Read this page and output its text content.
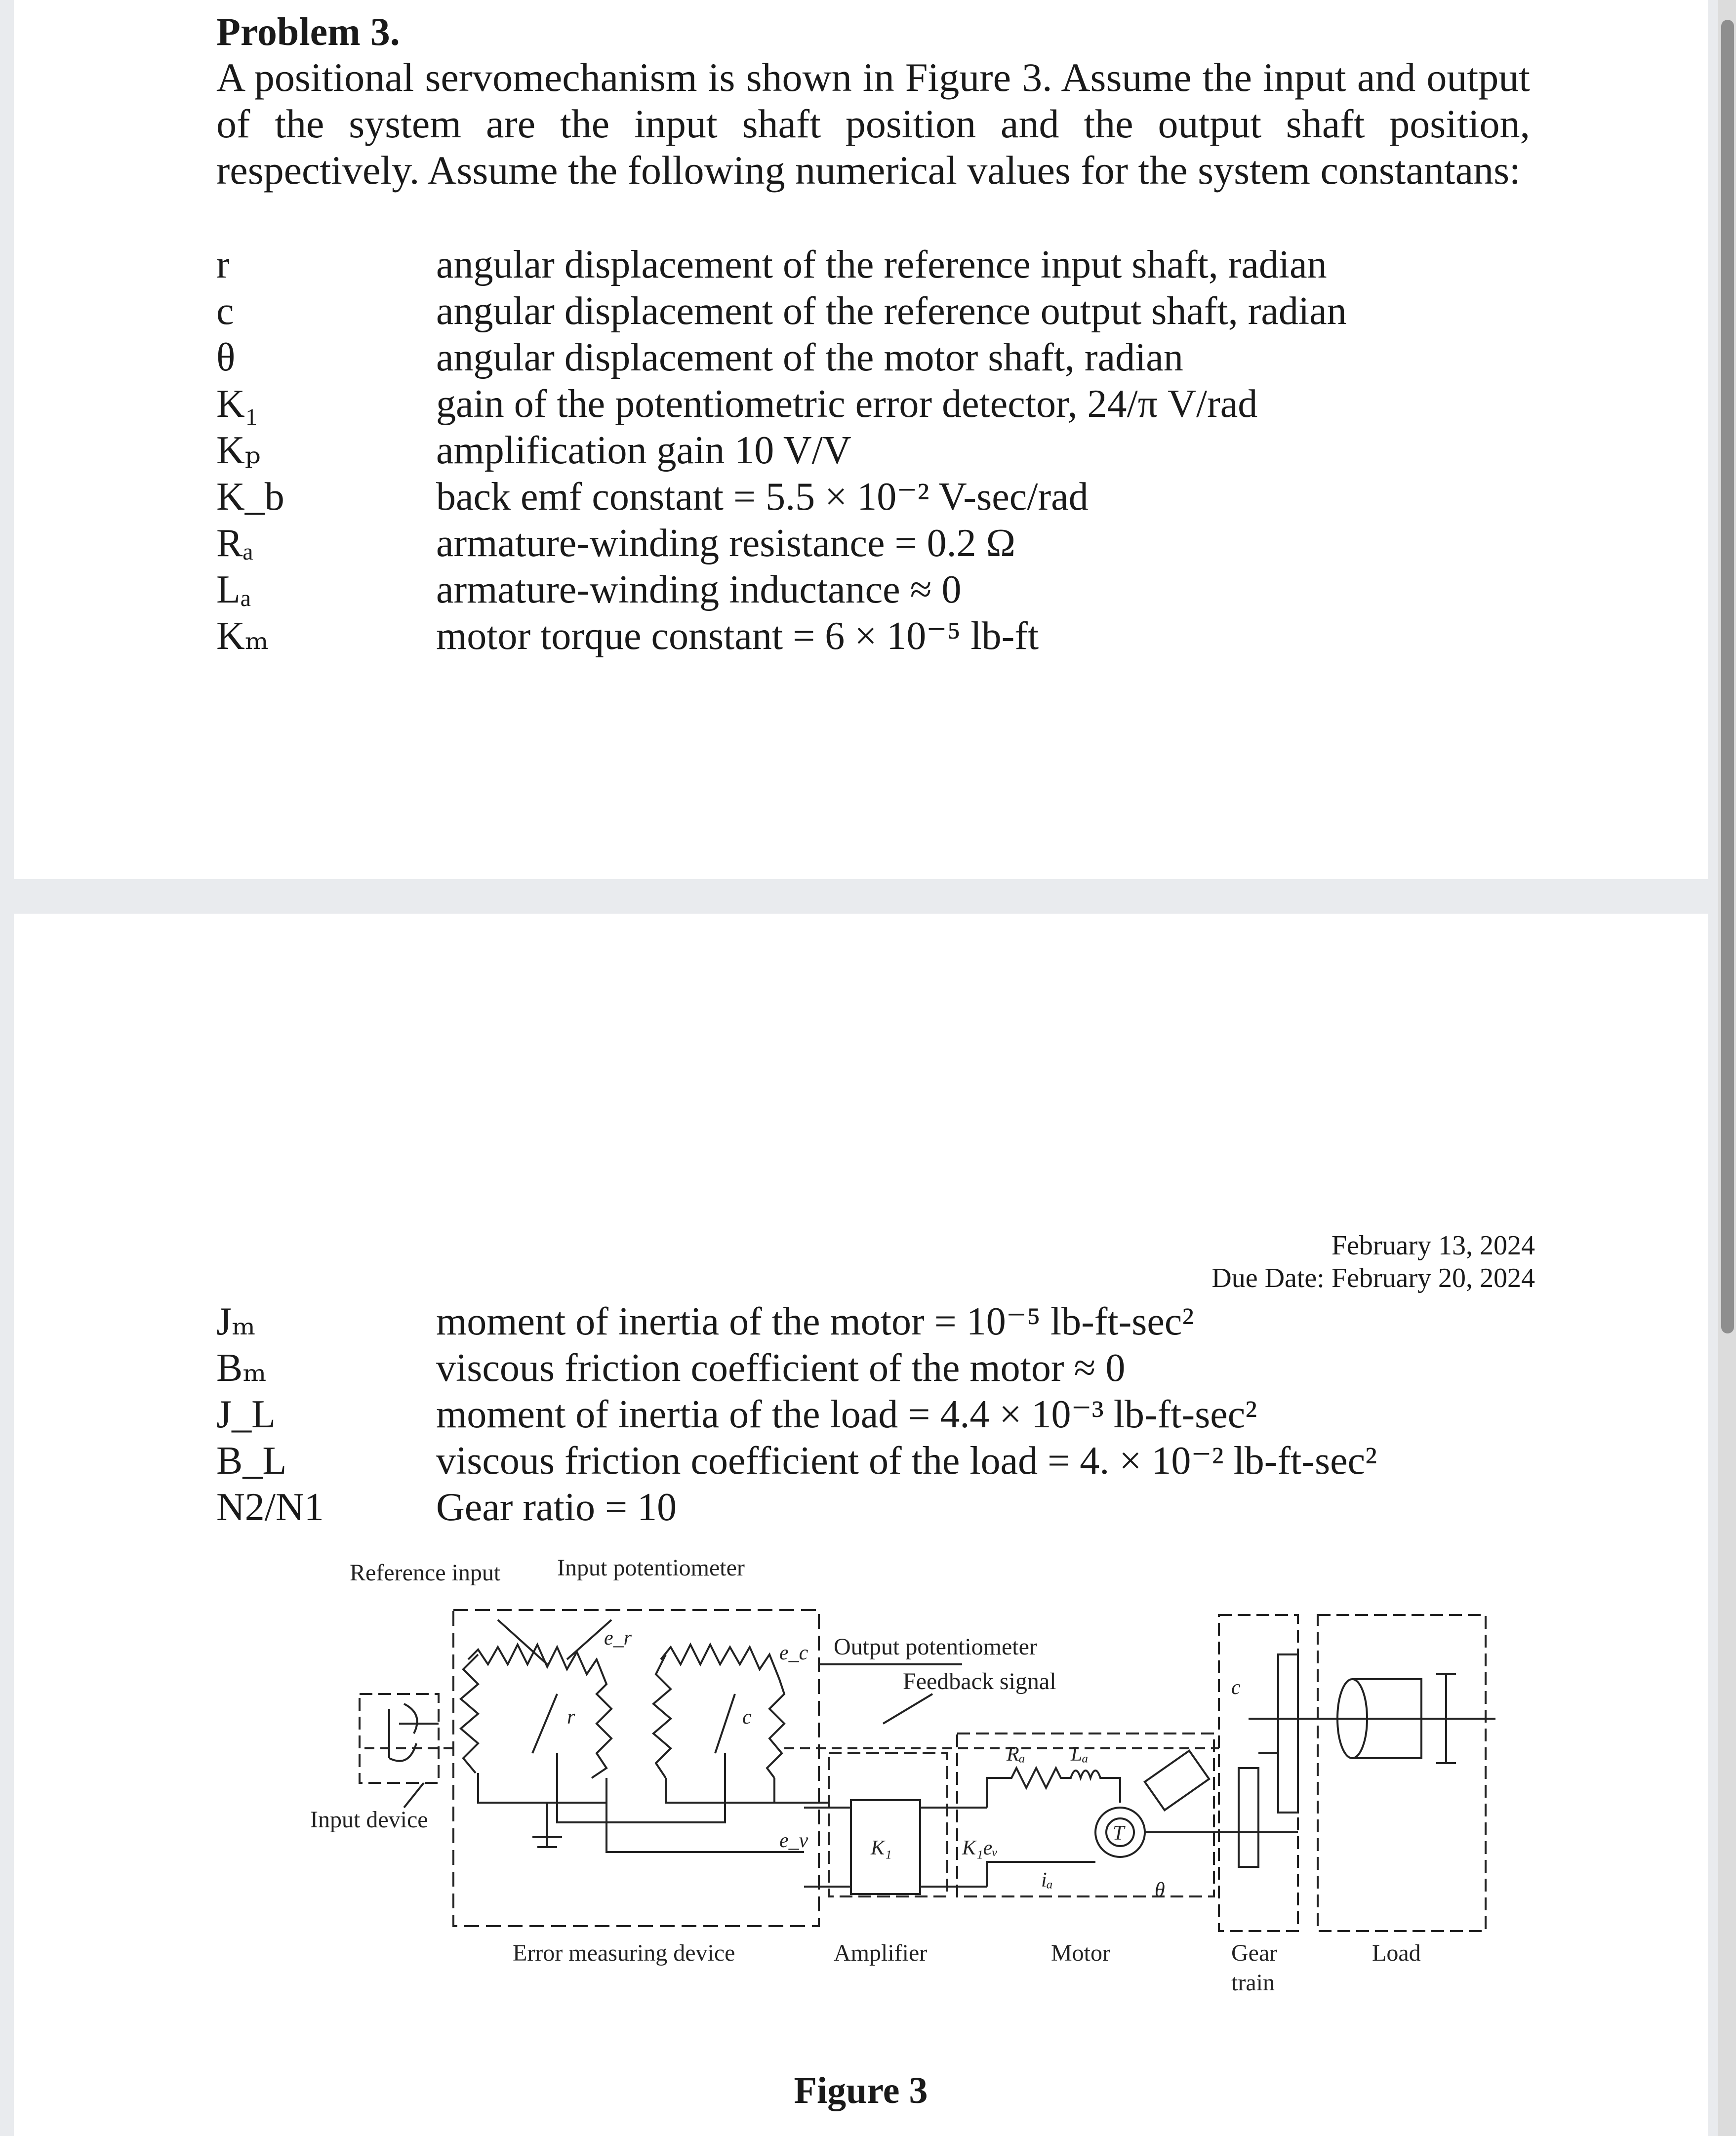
Problem 3.
A positional servomechanism is shown in Figure 3. Assume the input and output of the system are the input shaft position and the output shaft position, respectively. Assume the following numerical values for the system constantans:
r	angular displacement of the reference input shaft, radian
c	angular displacement of the reference output shaft, radian
θ	angular displacement of the motor shaft, radian
K₁	gain of the potentiometric error detector, 24/π V/rad
Kₚ	amplification gain 10 V/V
K_b	back emf constant = 5.5 × 10⁻² V-sec/rad
Rₐ	armature-winding resistance = 0.2 Ω
Lₐ	armature-winding inductance ≈ 0
Kₘ	motor torque constant = 6 × 10⁻⁵ lb-ft
February 13, 2024
Due Date: February 20, 2024
Jₘ	moment of inertia of the motor = 10⁻⁵ lb-ft-sec²
Bₘ	viscous friction coefficient of the motor ≈ 0
J_L	moment of inertia of the load = 4.4 × 10⁻³ lb-ft-sec²
B_L	viscous friction coefficient of the load = 4. × 10⁻² lb-ft-sec²
N2/N1	Gear ratio = 10
Reference input Input potentiometer
Output potentiometer
Feedback signal
Input device
Error measuring device	Amplifier	Motor	Gear
train
Load
e_r
e_c
e_v
r	c
c
K₁	K₁eᵥ
Rₐ Lₐ
iₐ
T
θ
Figure 3
